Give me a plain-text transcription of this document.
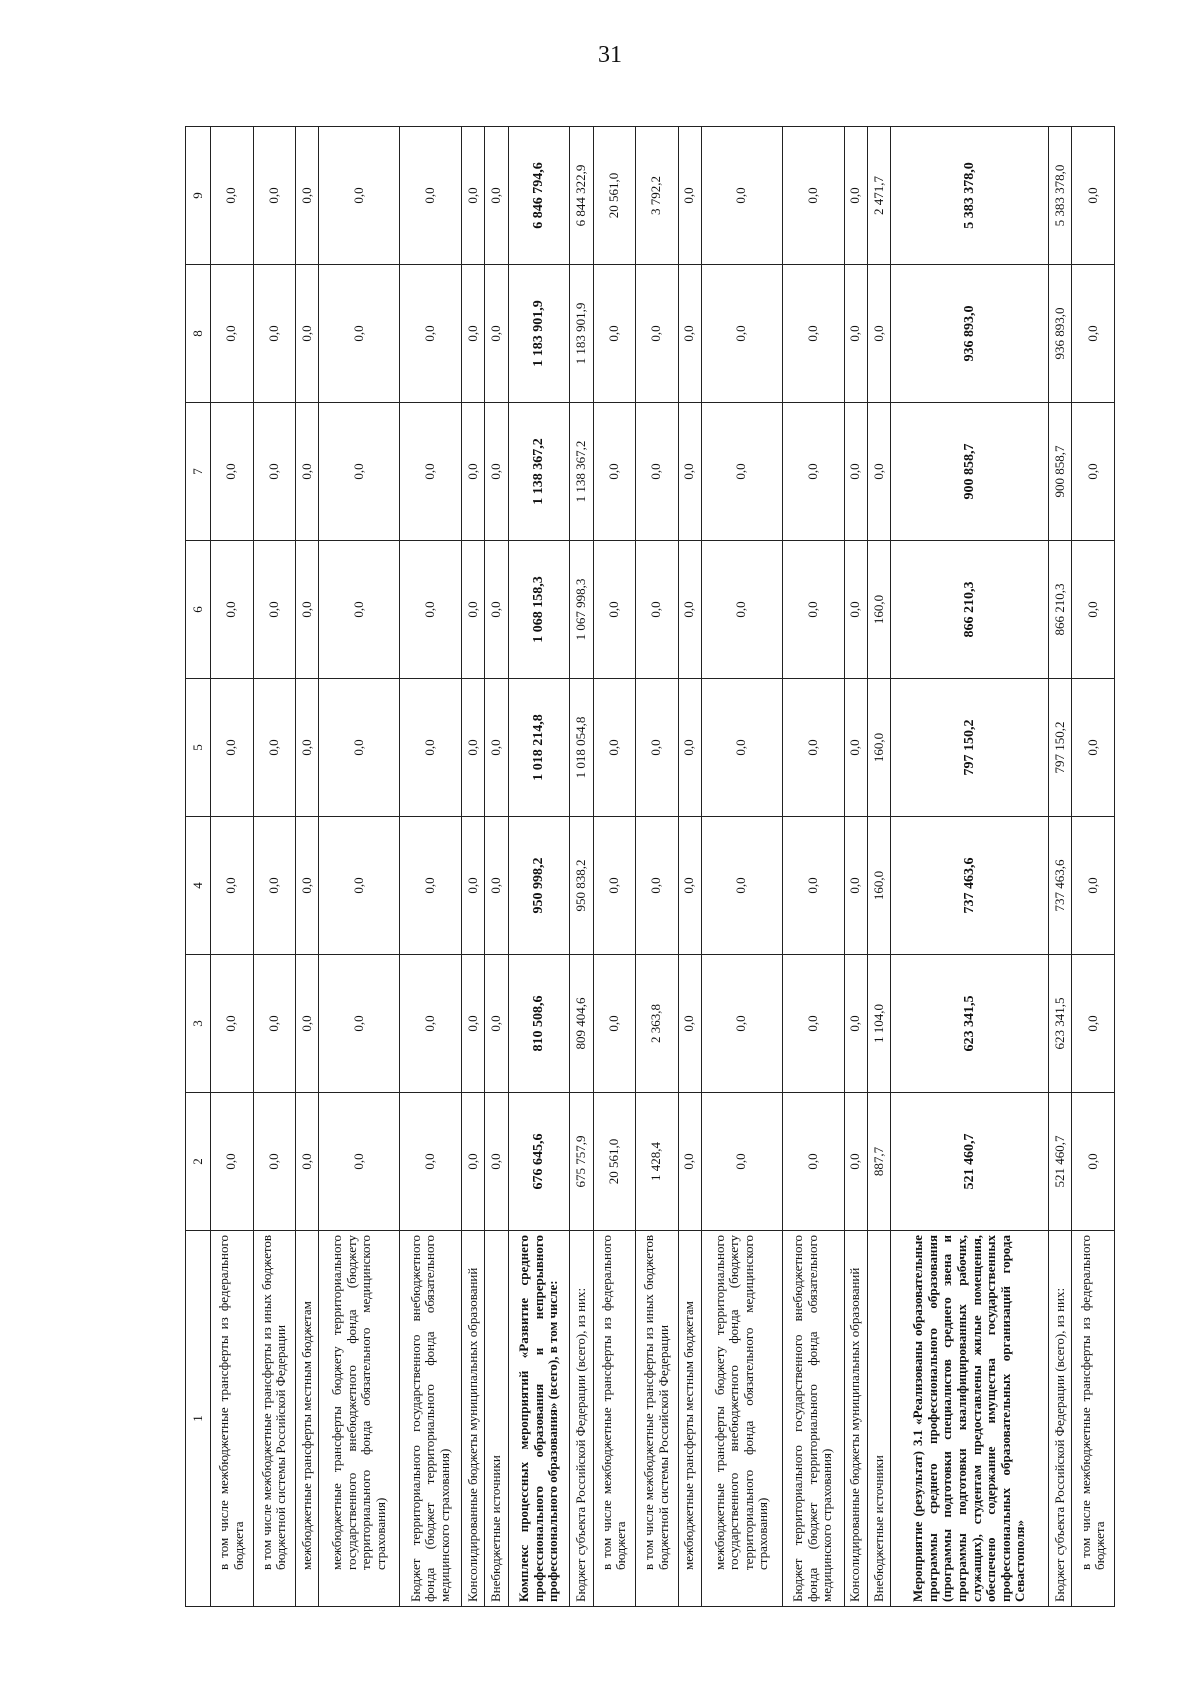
31
1	2	3	4	5	6	7	8	9
в том числе межбюджетные трансферты из федерального бюджета	0,0	0,0	0,0	0,0	0,0	0,0	0,0	0,0
в том числе межбюджетные трансферты из иных бюджетов бюджетной системы Российской Федерации	0,0	0,0	0,0	0,0	0,0	0,0	0,0	0,0
межбюджетные трансферты местным бюджетам	0,0	0,0	0,0	0,0	0,0	0,0	0,0	0,0
межбюджетные трансферты бюджету территориального государственного внебюджетного фонда (бюджету территориального фонда обязательного медицинского страхования)	0,0	0,0	0,0	0,0	0,0	0,0	0,0	0,0
Бюджет территориального государственного внебюджетного фонда (бюджет территориального фонда обязательного медицинского страхования)	0,0	0,0	0,0	0,0	0,0	0,0	0,0	0,0
Консолидированные бюджеты муниципальных образований	0,0	0,0	0,0	0,0	0,0	0,0	0,0	0,0
Внебюджетные источники	0,0	0,0	0,0	0,0	0,0	0,0	0,0	0,0
Комплекс процессных мероприятий «Развитие среднего профессионального образования и непрерывного профессионального образования» (всего), в том числе:	676 645,6	810 508,6	950 998,2	1 018 214,8	1 068 158,3	1 138 367,2	1 183 901,9	6 846 794,6
Бюджет субъекта Российской Федерации (всего), из них:	675 757,9	809 404,6	950 838,2	1 018 054,8	1 067 998,3	1 138 367,2	1 183 901,9	6 844 322,9
в том числе межбюджетные трансферты из федерального бюджета	20 561,0	0,0	0,0	0,0	0,0	0,0	0,0	20 561,0
в том числе межбюджетные трансферты из иных бюджетов бюджетной системы Российской Федерации	1 428,4	2 363,8	0,0	0,0	0,0	0,0	0,0	3 792,2
межбюджетные трансферты местным бюджетам	0,0	0,0	0,0	0,0	0,0	0,0	0,0	0,0
межбюджетные трансферты бюджету территориального государственного внебюджетного фонда (бюджету территориального фонда обязательного медицинского страхования)	0,0	0,0	0,0	0,0	0,0	0,0	0,0	0,0
Бюджет территориального государственного внебюджетного фонда (бюджет территориального фонда обязательного медицинского страхования)	0,0	0,0	0,0	0,0	0,0	0,0	0,0	0,0
Консолидированные бюджеты муниципальных образований	0,0	0,0	0,0	0,0	0,0	0,0	0,0	0,0
Внебюджетные источники	887,7	1 104,0	160,0	160,0	160,0	0,0	0,0	2 471,7
Мероприятие (результат) 3.1 «Реализованы образовательные программы среднего профессионального образования (программы подготовки специалистов среднего звена и программы подготовки квалифицированных рабочих, служащих), студентам предоставлены жилые помещения, обеспечено содержание имущества государственных профессиональных образовательных организаций города Севастополя»	521 460,7	623 341,5	737 463,6	797 150,2	866 210,3	900 858,7	936 893,0	5 383 378,0
Бюджет субъекта Российской Федерации (всего), из них:	521 460,7	623 341,5	737 463,6	797 150,2	866 210,3	900 858,7	936 893,0	5 383 378,0
в том числе межбюджетные трансферты из федерального бюджета	0,0	0,0	0,0	0,0	0,0	0,0	0,0	0,0
